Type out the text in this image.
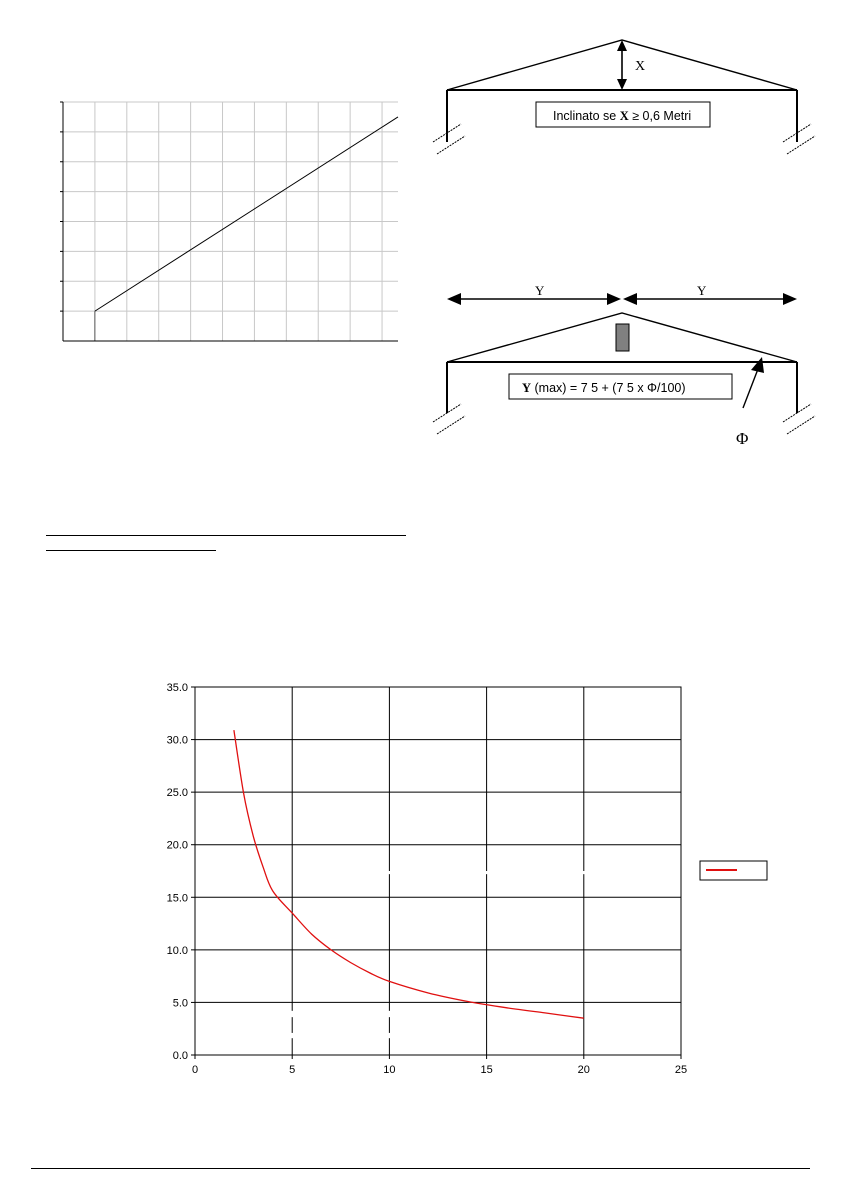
X
Inclinato se X ≥ 0,6 Metri
Y	Y
Y (max) = 7 5 + (7 5 x Φ/100)
Φ
0.0
5.0
10.0
15.0
20.0
25.0
30.0
35.0
0	5	10	15	20	25
